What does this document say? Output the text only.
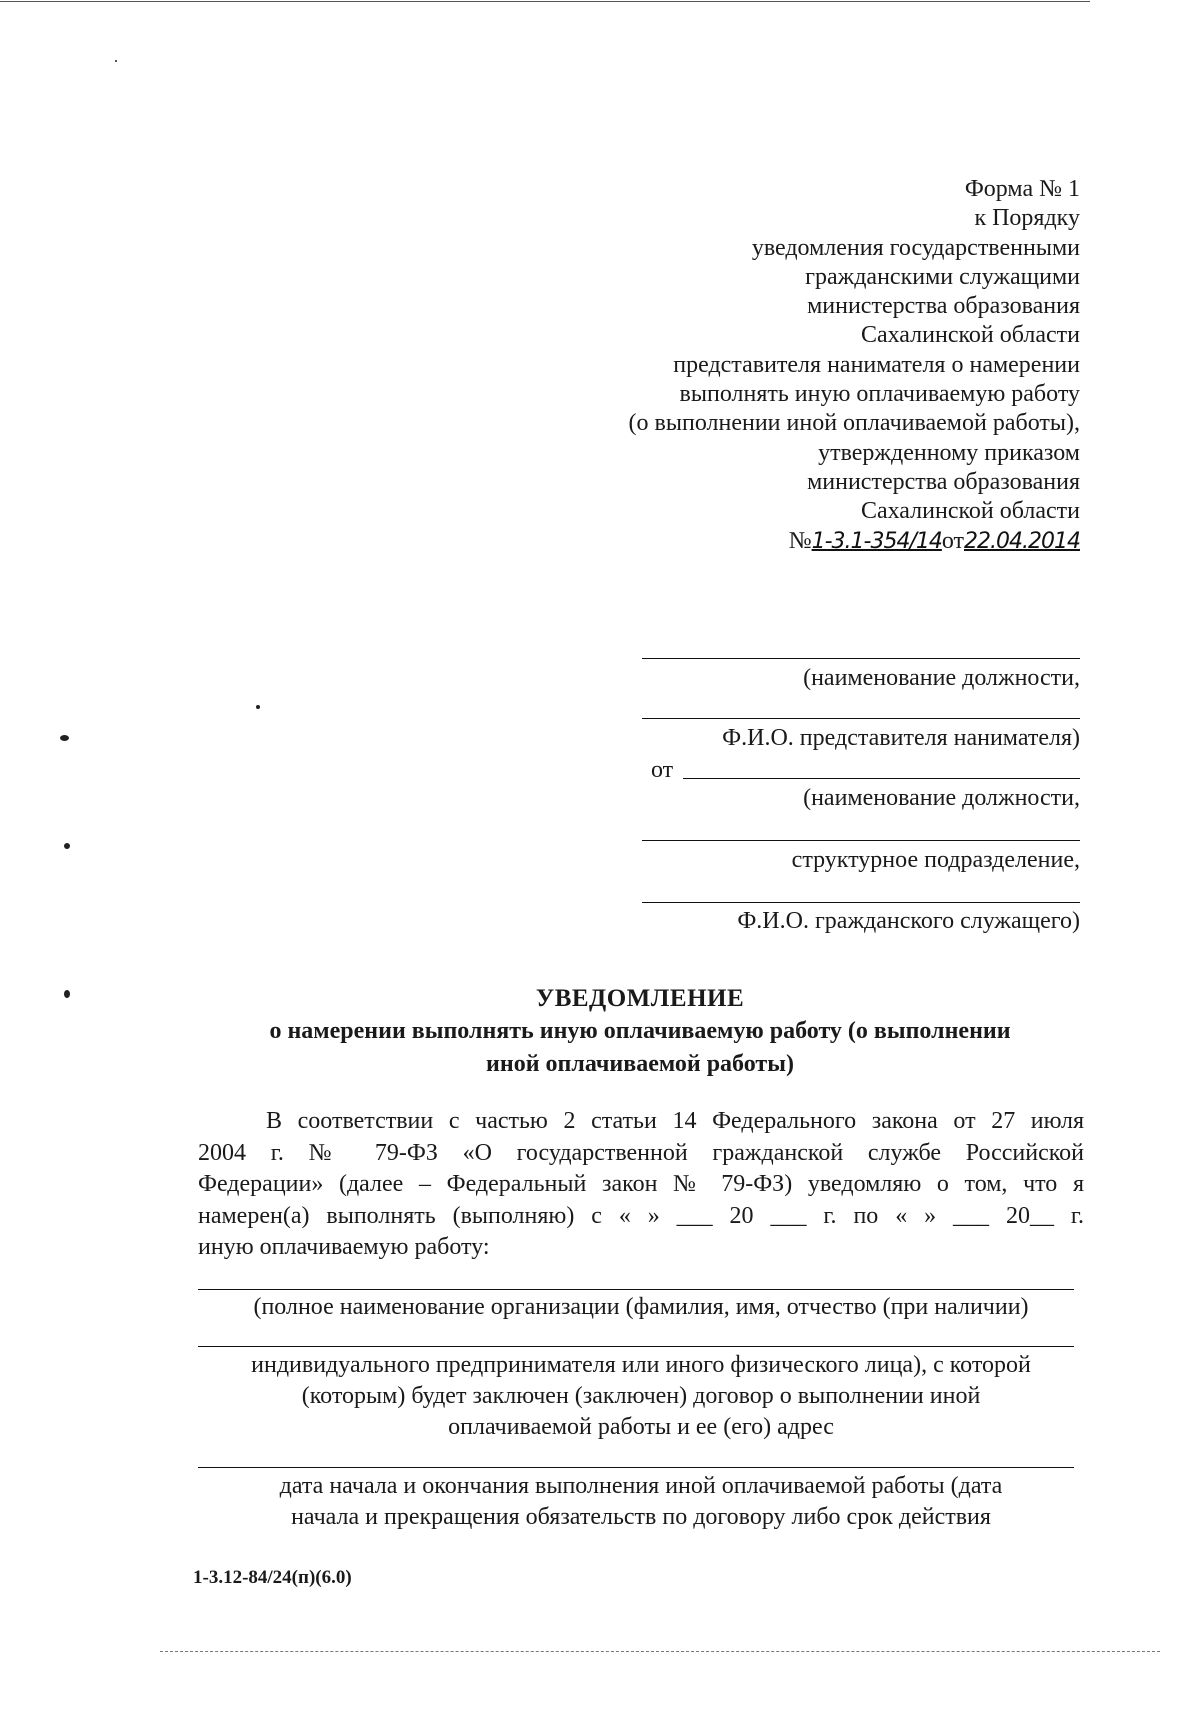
Форма № 1
к Порядку
уведомления государственными
гражданскими служащими
министерства образования
Сахалинской области
представителя нанимателя о намерении
выполнять иную оплачиваемую работу
(о выполнении иной оплачиваемой работы),
утвержденному приказом
министерства образования
Сахалинской области
№1-3.1-354/14от22.04.2014
(наименование должности,
Ф.И.О. представителя нанимателя)
от
(наименование должности,
структурное подразделение,
Ф.И.О. гражданского служащего)
УВЕДОМЛЕНИЕ
о намерении выполнять иную оплачиваемую работу (о выполнении
иной оплачиваемой работы)
В соответствии с частью 2 статьи 14 Федерального закона от 27 июля
2004 г. № 79-ФЗ «О государственной гражданской службе Российской
Федерации» (далее – Федеральный закон № 79-ФЗ) уведомляю о том, что я
намерен(а) выполнять (выполняю) с « » ___ 20 ___ г. по « » ___ 20__ г.
иную оплачиваемую работу:
(полное наименование организации (фамилия, имя, отчество (при наличии)
индивидуального предпринимателя или иного физического лица), с которой
(которым) будет заключен (заключен) договор о выполнении иной
оплачиваемой работы и ее (его) адрес
дата начала и окончания выполнения иной оплачиваемой работы (дата
начала и прекращения обязательств по договору либо срок действия
1-3.12-84/24(п)(6.0)
